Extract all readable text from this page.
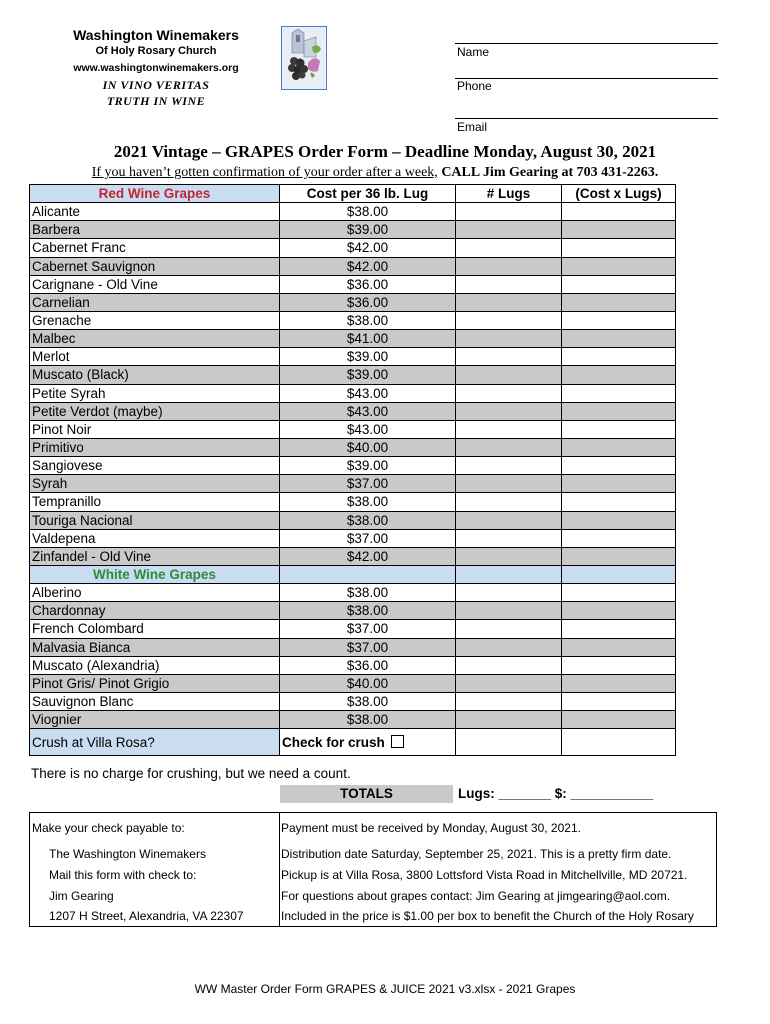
Washington Winemakers
Of Holy Rosary Church
www.washingtonwinemakers.org
IN VINO VERITAS
TRUTH IN WINE
Name
Phone
Email
2021 Vintage – GRAPES Order Form – Deadline Monday, August 30, 2021
If you haven’t gotten confirmation of your order after a week, CALL Jim Gearing at 703 431-2263.
Red Wine Grapes	Cost per 36 lb. Lug	# Lugs	(Cost x Lugs)
Alicante	$38.00		
Barbera	$39.00		
Cabernet Franc	$42.00		
Cabernet Sauvignon	$42.00		
Carignane - Old Vine	$36.00		
Carnelian	$36.00		
Grenache	$38.00		
Malbec	$41.00		
Merlot	$39.00		
Muscato (Black)	$39.00		
Petite Syrah	$43.00		
Petite Verdot (maybe)	$43.00		
Pinot Noir	$43.00		
Primitivo	$40.00		
Sangiovese	$39.00		
Syrah	$37.00		
Tempranillo	$38.00		
Touriga Nacional	$38.00		
Valdepena	$37.00		
Zinfandel - Old Vine	$42.00		
White Wine Grapes			
Alberino	$38.00		
Chardonnay	$38.00		
French Colombard	$37.00		
Malvasia Bianca	$37.00		
Muscato (Alexandria)	$36.00		
Pinot Gris/ Pinot Grigio	$40.00		
Sauvignon Blanc	$38.00		
Viognier	$38.00		
Crush at Villa Rosa?	Check for crush		
There is no charge for crushing, but we need a count.
TOTALS	Lugs: _______ $: ___________
Make your check payable to:
The Washington Winemakers
Mail this form with check to:
Jim Gearing
1207 H Street, Alexandria, VA 22307
Payment must be received by Monday, August 30, 2021.
Distribution date Saturday, September 25, 2021. This is a pretty firm date.
Pickup is at Villa Rosa, 3800 Lottsford Vista Road in Mitchellville, MD 20721.
For questions about grapes contact: Jim Gearing at jimgearing@aol.com.
Included in the price is $1.00 per box to benefit the Church of the Holy Rosary
WW Master Order Form GRAPES & JUICE 2021 v3.xlsx - 2021 Grapes
